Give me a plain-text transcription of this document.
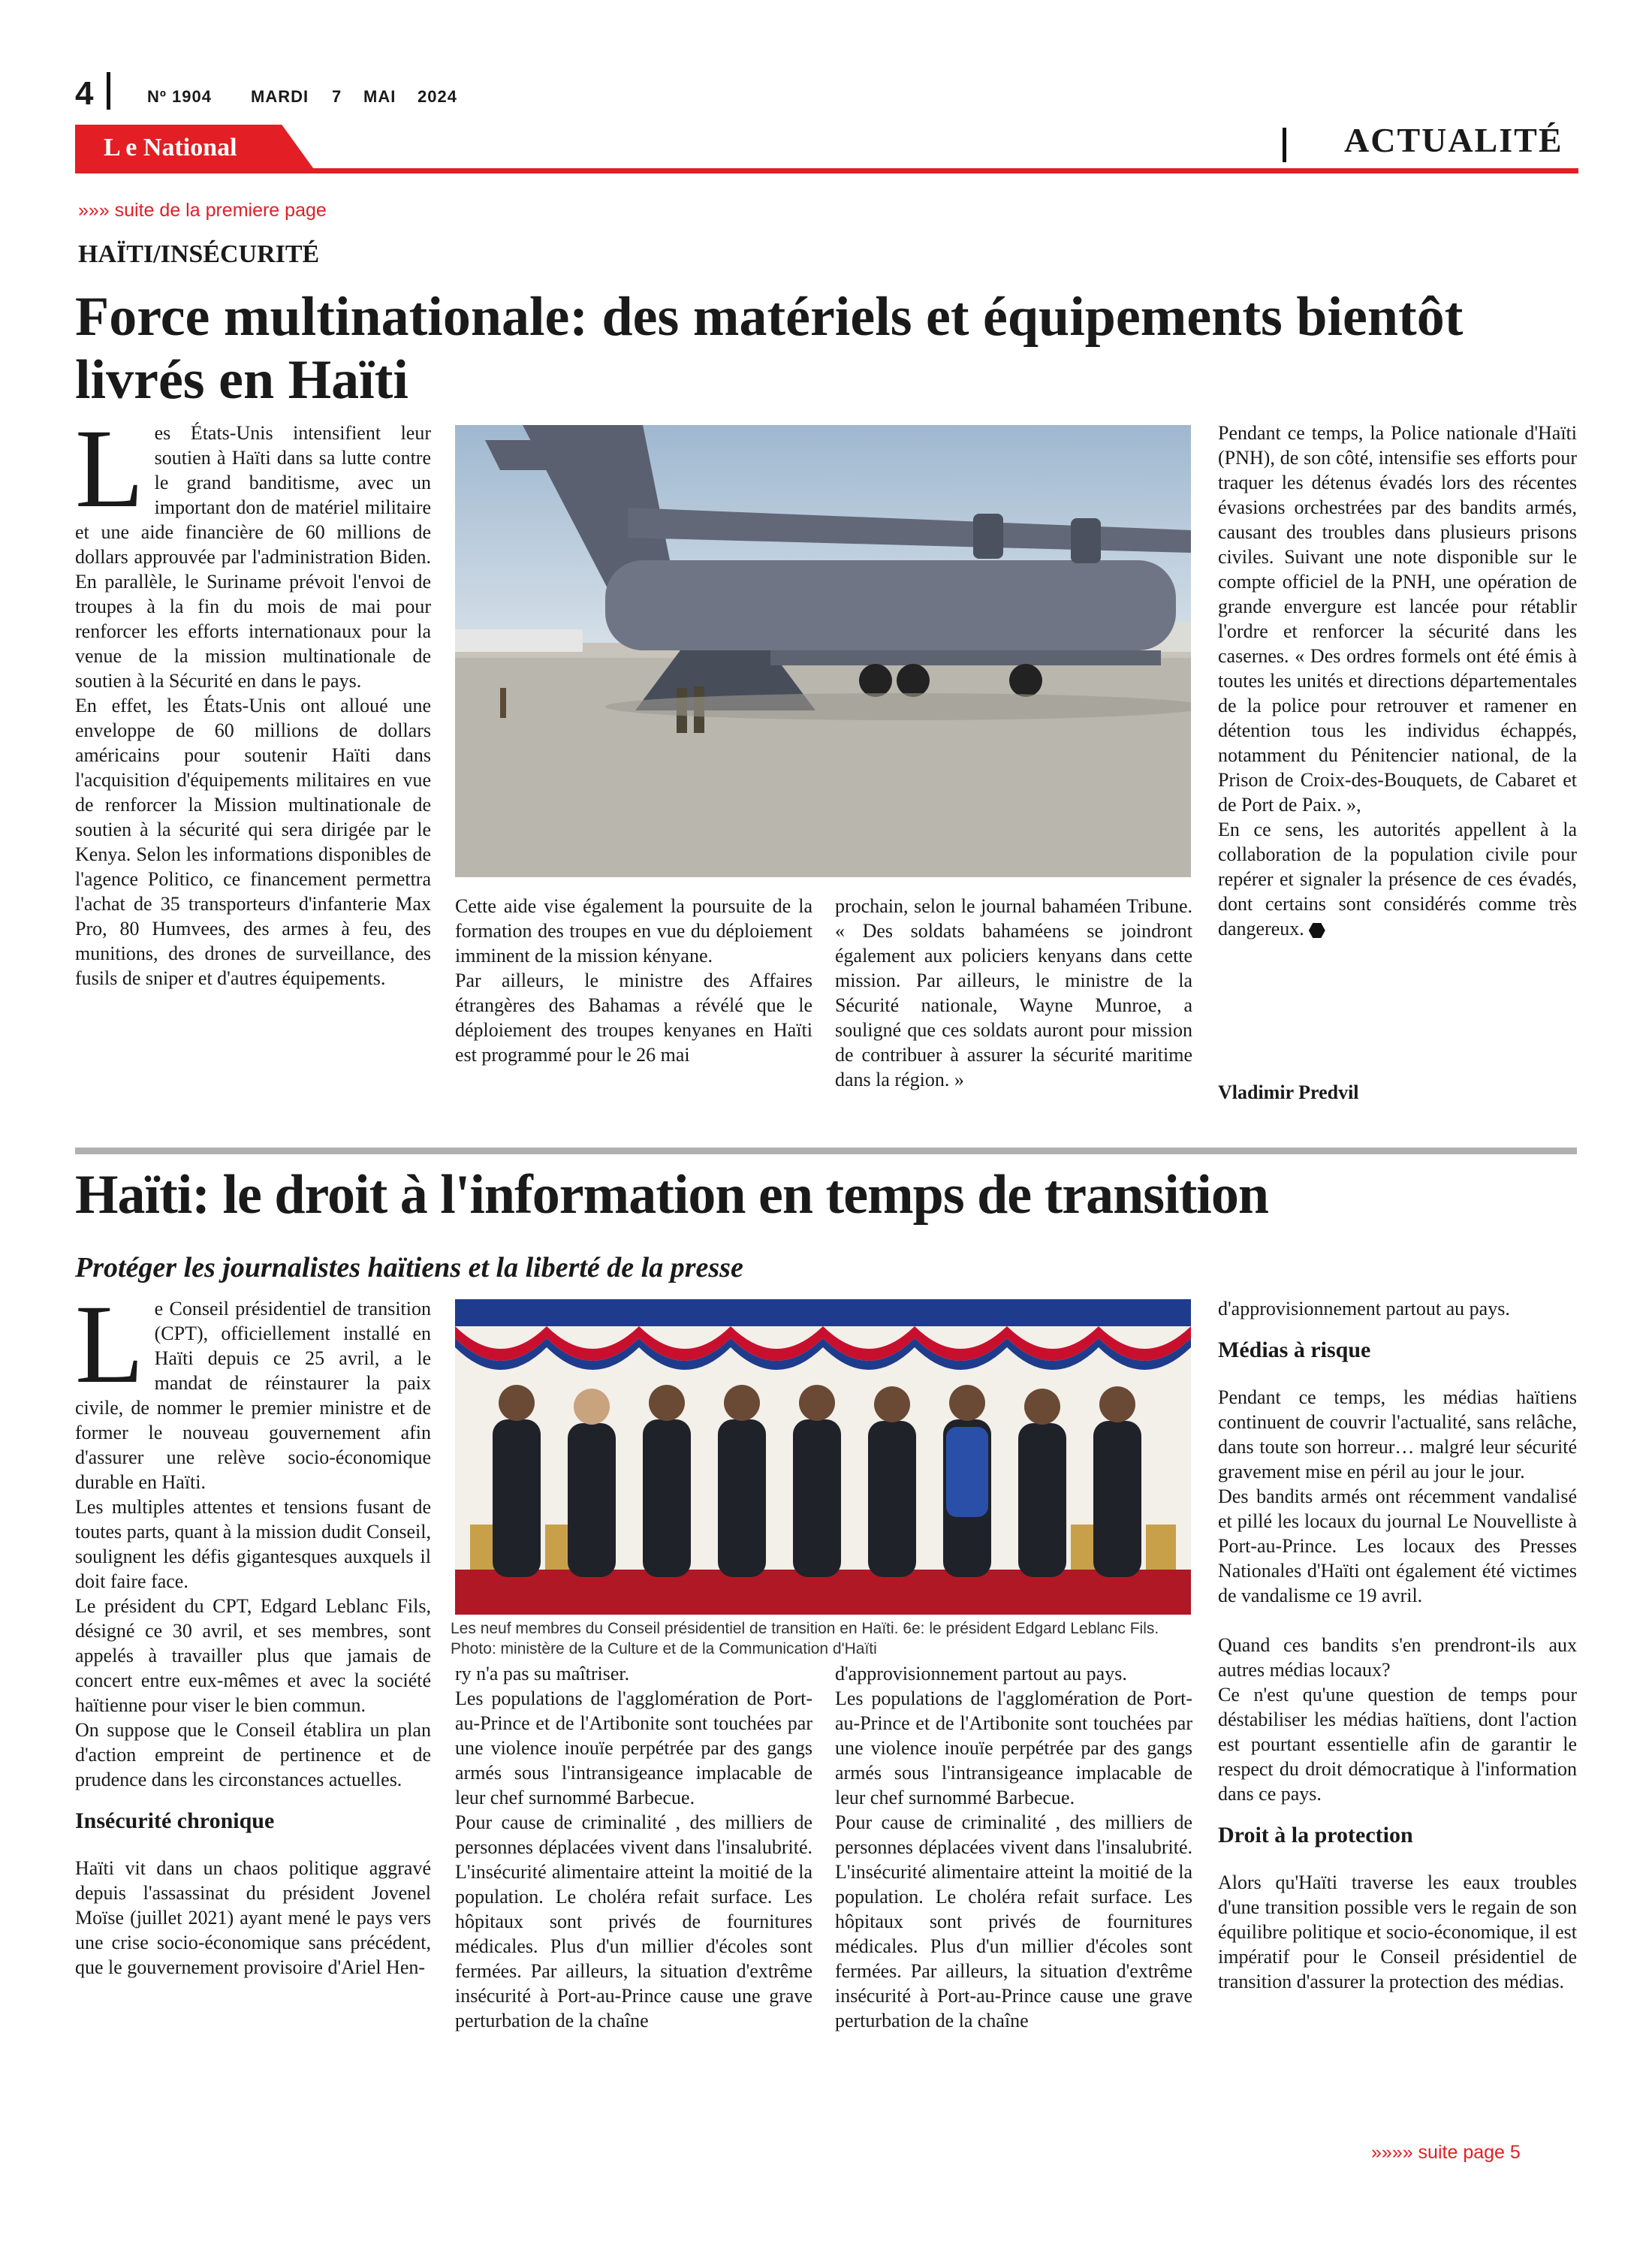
4	Nº 1904 MARDI 7 MAI 2024
L e National	ACTUALITÉ
»»» suite de la premiere page
HAÏTI/INSÉCURITÉ
Force multinationale: des matériels et équipements bientôt livrés en Haïti
L es États-Unis intensifient leur soutien à Haïti dans sa lutte contre le grand banditisme, avec un important don de matériel militaire et une aide financière de 60 millions de dollars approuvée par l'administration Biden. En parallèle, le Suriname prévoit l'envoi de troupes à la fin du mois de mai pour renforcer les efforts internationaux pour la venue de la mission multinationale de soutien à la Sécurité en dans le pays.

En effet, les États-Unis ont alloué une enveloppe de 60 millions de dollars américains pour soutenir Haïti dans l'acquisition d'équipements militaires en vue de renforcer la Mission multinationale de soutien à la sécurité qui sera dirigée par le Kenya. Selon les informations disponibles de l'agence Politico, ce financement permettra l'achat de 35 transporteurs d'infanterie Max Pro, 80 Humvees, des armes à feu, des munitions, des drones de surveillance, des fusils de sniper et d'autres équipements.

Cette aide vise également la poursuite de la formation des troupes en vue du déploiement imminent de la mission kényane.

Par ailleurs, le ministre des Affaires étrangères des Bahamas a révélé que le déploiement des troupes kenyanes en Haïti est programmé pour le 26 mai

prochain, selon le journal bahaméen Tribune. « Des soldats bahaméens se joindront également aux policiers kenyans dans cette mission. Par ailleurs, le ministre de la Sécurité nationale, Wayne Munroe, a souligné que ces soldats auront pour mission de contribuer à assurer la sécurité maritime dans la région. »

Pendant ce temps, la Police nationale d'Haïti (PNH), de son côté, intensifie ses efforts pour traquer les détenus évadés lors des récentes évasions orchestrées par des bandits armés, causant des troubles dans plusieurs prisons civiles. Suivant une note disponible sur le compte officiel de la PNH, une opération de grande envergure est lancée pour rétablir l'ordre et renforcer la sécurité dans les casernes. « Des ordres formels ont été émis à toutes les unités et directions départementales de la police pour retrouver et ramener en détention tous les individus échappés, notamment du Pénitencier national, de la Prison de Croix-des-Bouquets, de Cabaret et de Port de Paix. »,

En ce sens, les autorités appellent à la collaboration de la population civile pour repérer et signaler la présence de ces évadés, dont certains sont considérés comme très dangereux.

Vladimir Predvil
Haïti: le droit à l'information en temps de transition
Protéger les journalistes haïtiens et la liberté de la presse
L e Conseil présidentiel de transition (CPT), officiellement installé en Haïti depuis ce 25 avril, a le mandat de réinstaurer la paix civile, de nommer le premier ministre et de former le nouveau gouvernement afin d'assurer une relève socio-économique durable en Haïti.

Les multiples attentes et tensions fusant de toutes parts, quant à la mission dudit Conseil, soulignent les défis gigantesques auxquels il doit faire face.

Le président du CPT, Edgard Leblanc Fils, désigné ce 30 avril, et ses membres, sont appelés à travailler plus que jamais de concert entre eux-mêmes et avec la société haïtienne pour viser le bien commun.

On suppose que le Conseil établira un plan d'action empreint de pertinence et de prudence dans les circonstances actuelles.

Insécurité chronique

Haïti vit dans un chaos politique aggravé depuis l'assassinat du président Jovenel Moïse (juillet 2021) ayant mené le pays vers une crise socio-économique sans précédent, que le gouvernement provisoire d'Ariel Hen-

Les neuf membres du Conseil présidentiel de transition en Haïti. 6e: le président Edgard Leblanc Fils. Photo: ministère de la Culture et de la Communication d'Haïti

ry n'a pas su maîtriser.

Les populations de l'agglomération de Port-au-Prince et de l'Artibonite sont touchées par une violence inouïe perpétrée par des gangs armés sous l'intransigeance implacable de leur chef surnommé Barbecue.

Pour cause de criminalité , des milliers de personnes déplacées vivent dans l'insalubrité. L'insécurité alimentaire atteint la moitié de la population. Le choléra refait surface. Les hôpitaux sont privés de fournitures médicales. Plus d'un millier d'écoles sont fermées. Par ailleurs, la situation d'extrême insécurité à Port-au-Prince cause une grave perturbation de la chaîne

d'approvisionnement partout au pays.

Les populations de l'agglomération de Port-au-Prince et de l'Artibonite sont touchées par une violence inouïe perpétrée par des gangs armés sous l'intransigeance implacable de leur chef surnommé Barbecue.

Pour cause de criminalité , des milliers de personnes déplacées vivent dans l'insalubrité. L'insécurité alimentaire atteint la moitié de la population. Le choléra refait surface. Les hôpitaux sont privés de fournitures médicales. Plus d'un millier d'écoles sont fermées. Par ailleurs, la situation d'extrême insécurité à Port-au-Prince cause une grave perturbation de la chaîne

d'approvisionnement partout au pays.

Médias à risque

Pendant ce temps, les médias haïtiens continuent de couvrir l'actualité, sans relâche, dans toute son horreur… malgré leur sécurité gravement mise en péril au jour le jour.

Des bandits armés ont récemment vandalisé et pillé les locaux du journal Le Nouvelliste à Port-au-Prince. Les locaux des Presses Nationales d'Haïti ont également été victimes de vandalisme ce 19 avril.

Quand ces bandits s'en prendront-ils aux autres médias locaux?

Ce n'est qu'une question de temps pour déstabiliser les médias haïtiens, dont l'action est pourtant essentielle afin de garantir le respect du droit démocratique à l'information dans ce pays.

Droit à la protection

Alors qu'Haïti traverse les eaux troubles d'une transition possible vers le regain de son équilibre politique et socio-économique, il est impératif pour le Conseil présidentiel de transition d'assurer la protection des médias.

»»»» suite page 5
